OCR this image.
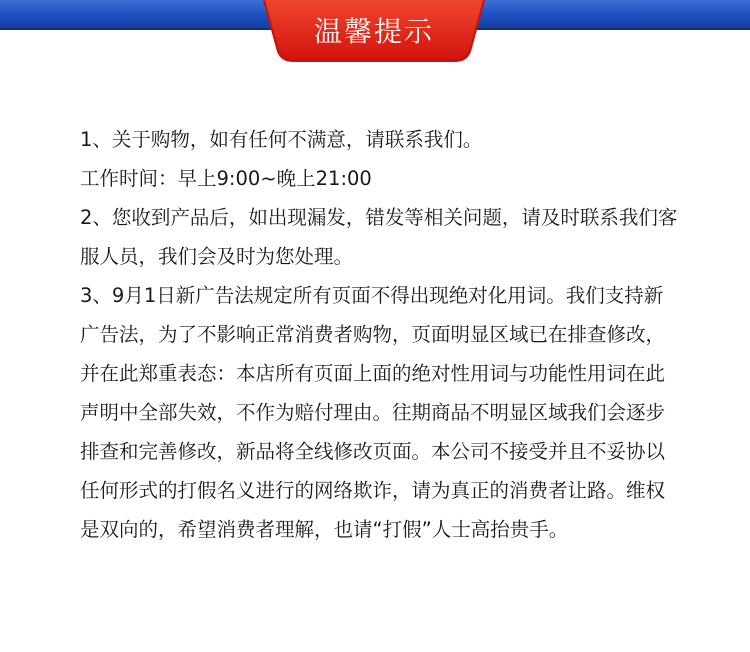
温馨提示

1、关于购物，如有任何不满意，请联系我们。

工作时间：早上9:00~晚上21:00

2、您收到产品后，如出现漏发，错发等相关问题，请及时联系我们客服人员，我们会及时为您处理。

3、9月1日新广告法规定所有页面不得出现绝对化用词。我们支持新广告法，为了不影响正常消费者购物，页面明显区域已在排查修改，并在此郑重表态：本店所有页面上面的绝对性用词与功能性用词在此声明中全部失效，不作为赔付理由。往期商品不明显区域我们会逐步排查和完善修改，新品将全线修改页面。本公司不接受并且不妥协以任何形式的打假名义进行的网络欺诈，请为真正的消费者让路。维权是双向的，希望消费者理解，也请“打假”人士高抬贵手。
